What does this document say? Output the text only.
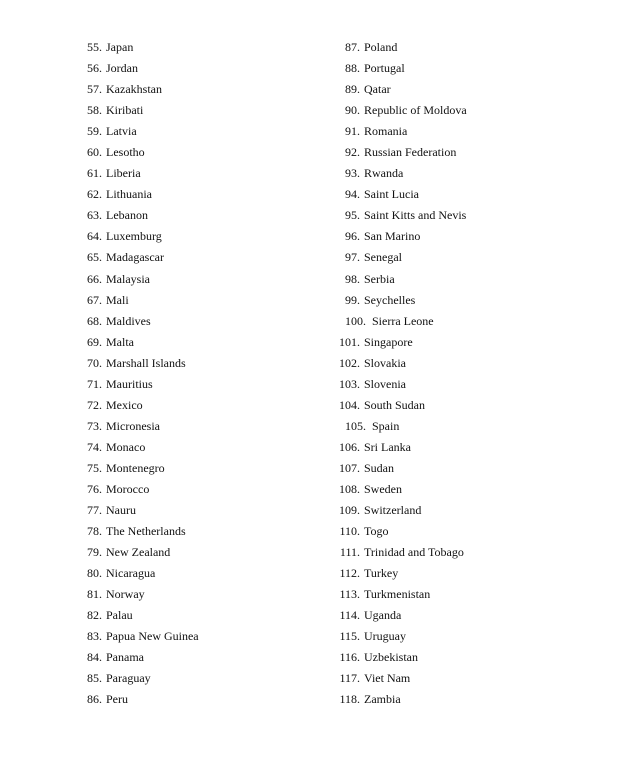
55. Japan
56. Jordan
57. Kazakhstan
58. Kiribati
59. Latvia
60. Lesotho
61. Liberia
62. Lithuania
63. Lebanon
64. Luxemburg
65. Madagascar
66. Malaysia
67. Mali
68. Maldives
69. Malta
70. Marshall Islands
71. Mauritius
72. Mexico
73. Micronesia
74. Monaco
75. Montenegro
76. Morocco
77. Nauru
78. The Netherlands
79. New Zealand
80. Nicaragua
81. Norway
82. Palau
83. Papua New Guinea
84. Panama
85. Paraguay
86. Peru
87. Poland
88. Portugal
89. Qatar
90. Republic of Moldova
91. Romania
92. Russian Federation
93. Rwanda
94. Saint Lucia
95. Saint Kitts and Nevis
96. San Marino
97. Senegal
98. Serbia
99. Seychelles
100. Sierra Leone
101. Singapore
102. Slovakia
103. Slovenia
104. South Sudan
105. Spain
106. Sri Lanka
107. Sudan
108. Sweden
109. Switzerland
110. Togo
111. Trinidad and Tobago
112. Turkey
113. Turkmenistan
114. Uganda
115. Uruguay
116. Uzbekistan
117. Viet Nam
118. Zambia
